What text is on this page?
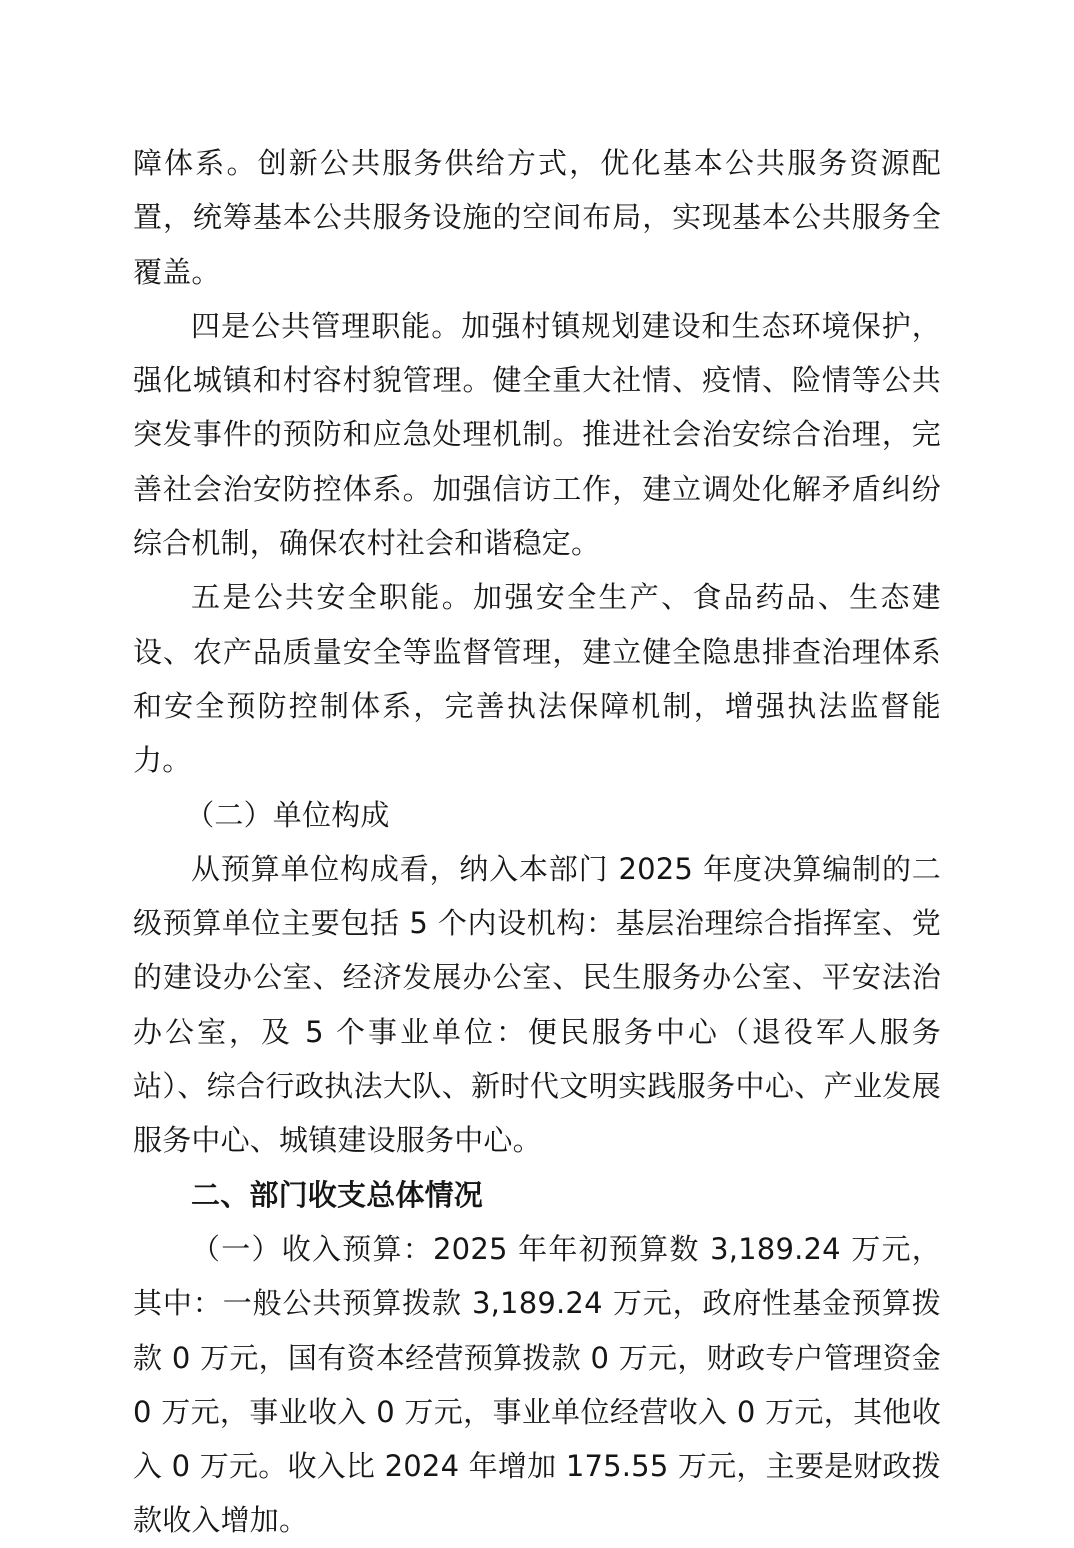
障体系。创新公共服务供给方式，优化基本公共服务资源配置，统筹基本公共服务设施的空间布局，实现基本公共服务全覆盖。

四是公共管理职能。加强村镇规划建设和生态环境保护，强化城镇和村容村貌管理。健全重大社情、疫情、险情等公共突发事件的预防和应急处理机制。推进社会治安综合治理，完善社会治安防控体系。加强信访工作，建立调处化解矛盾纠纷综合机制，确保农村社会和谐稳定。

五是公共安全职能。加强安全生产、食品药品、生态建设、农产品质量安全等监督管理，建立健全隐患排查治理体系和安全预防控制体系，完善执法保障机制，增强执法监督能力。

（二）单位构成

从预算单位构成看，纳入本部门 2025 年度决算编制的二级预算单位主要包括 5 个内设机构：基层治理综合指挥室、党的建设办公室、经济发展办公室、民生服务办公室、平安法治办公室，及 5 个事业单位：便民服务中心（退役军人服务站）、综合行政执法大队、新时代文明实践服务中心、产业发展服务中心、城镇建设服务中心。

二、部门收支总体情况

（一）收入预算：2025 年年初预算数 3,189.24 万元，其中：一般公共预算拨款 3,189.24 万元，政府性基金预算拨款 0 万元，国有资本经营预算拨款 0 万元，财政专户管理资金 0 万元，事业收入 0 万元，事业单位经营收入 0 万元，其他收入 0 万元。收入比 2024 年增加 175.55 万元，主要是财政拨款收入增加。
